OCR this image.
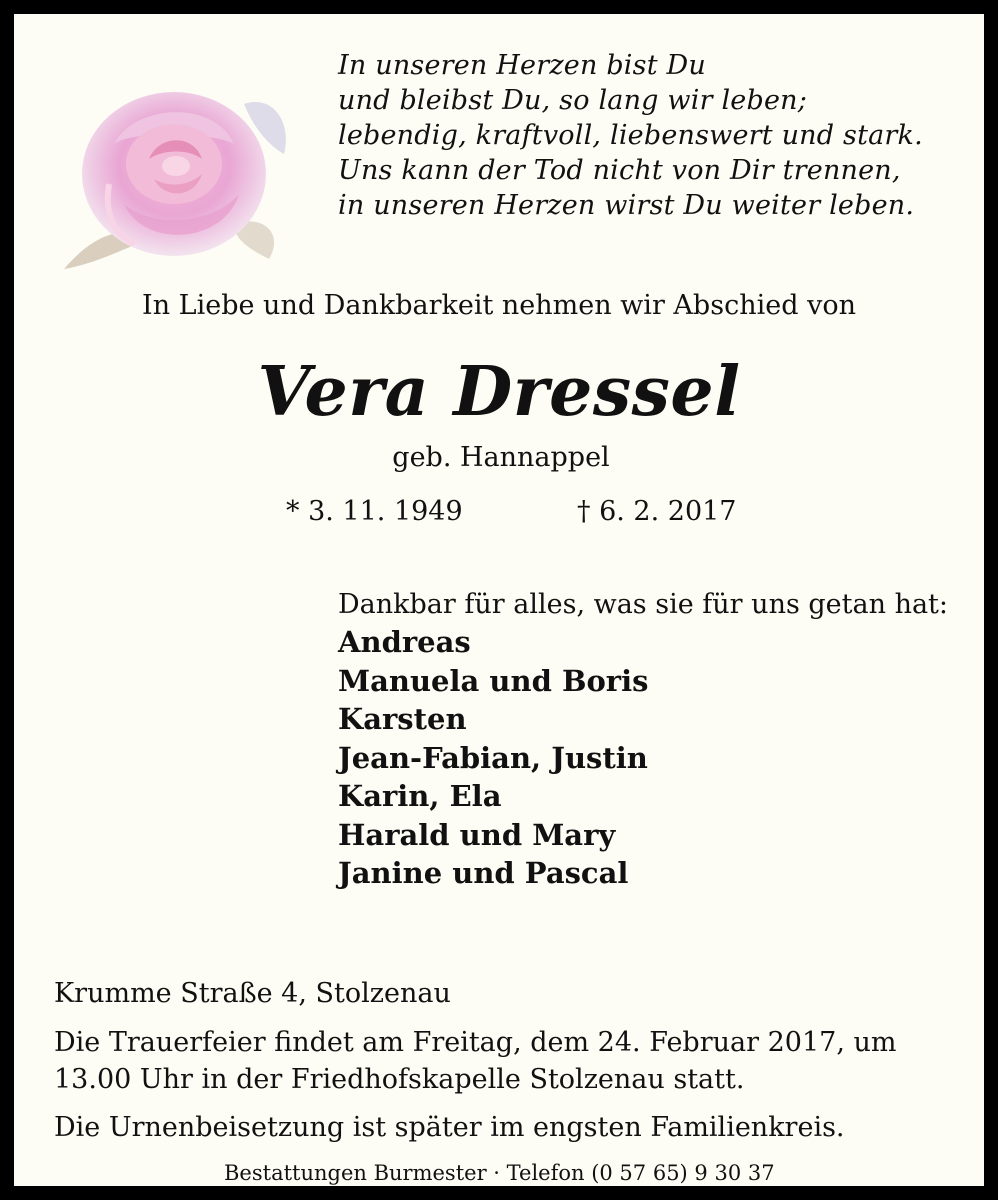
In unseren Herzen bist Du
und bleibst Du, so lang wir leben;
lebendig, kraftvoll, liebenswert und stark.
Uns kann der Tod nicht von Dir trennen,
in unseren Herzen wirst Du weiter leben.
In Liebe und Dankbarkeit nehmen wir Abschied von
Vera Dressel
geb. Hannappel
* 3. 11. 1949	† 6. 2. 2017
Dankbar für alles, was sie für uns getan hat:
Andreas
Manuela und Boris
Karsten
Jean-Fabian, Justin
Karin, Ela
Harald und Mary
Janine und Pascal
Krumme Straße 4, Stolzenau
Die Trauerfeier findet am Freitag, dem 24. Februar 2017, um 13.00 Uhr in der Friedhofskapelle Stolzenau statt.
Die Urnenbeisetzung ist später im engsten Familienkreis.
Bestattungen Burmester · Telefon (0 57 65) 9 30 37
